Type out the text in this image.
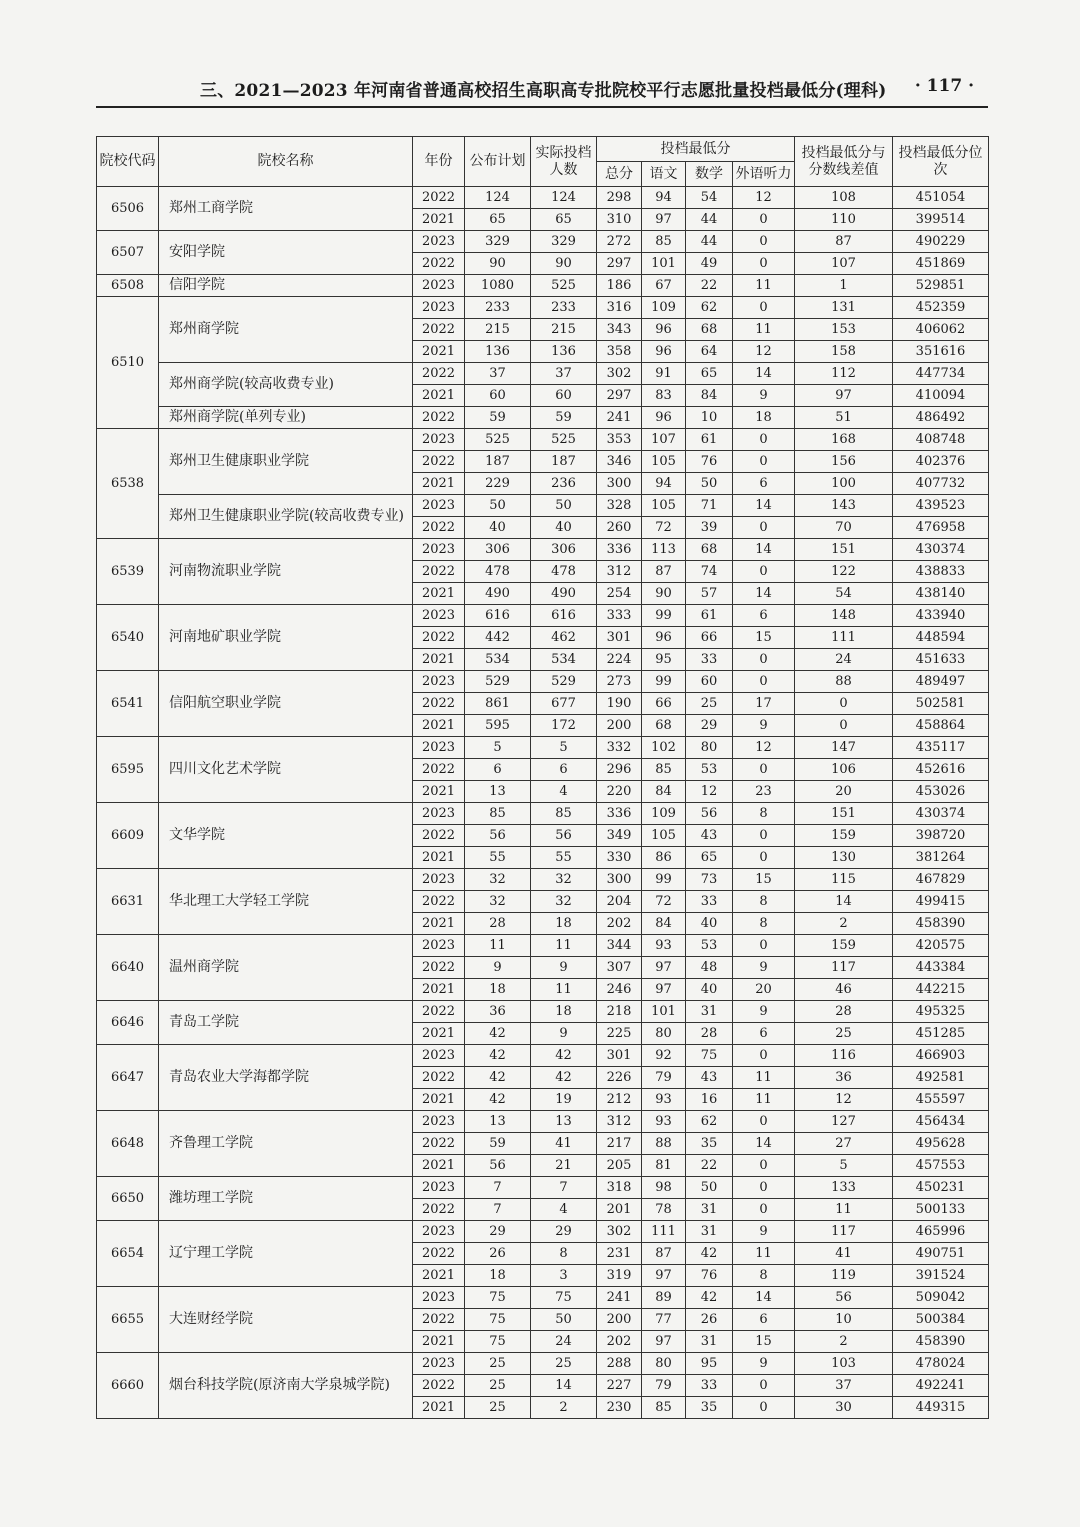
三、2021—2023 年河南省普通高校招生高职高专批院校平行志愿批量投档最低分(理科) · 117 ·
院校代码	院校名称	年份	公布计划	实际投档人数	投档最低分				投档最低分与分数线差值	投档最低分位次
					总分	语文	数学	外语听力		
6506	郑州工商学院	2022	124	124	298	94	54	12	108	451054
		2021	65	65	310	97	44	0	110	399514
6507	安阳学院	2023	329	329	272	85	44	0	87	490229
		2022	90	90	297	101	49	0	107	451869
6508	信阳学院	2023	1080	525	186	67	22	11	1	529851
6510	郑州商学院	2023	233	233	316	109	62	0	131	452359
		2022	215	215	343	96	68	11	153	406062
		2021	136	136	358	96	64	12	158	351616
	郑州商学院(较高收费专业)	2022	37	37	302	91	65	14	112	447734
		2021	60	60	297	83	84	9	97	410094
	郑州商学院(单列专业)	2022	59	59	241	96	10	18	51	486492
6538	郑州卫生健康职业学院	2023	525	525	353	107	61	0	168	408748
		2022	187	187	346	105	76	0	156	402376
		2021	229	236	300	94	50	6	100	407732
	郑州卫生健康职业学院(较高收费专业)	2023	50	50	328	105	71	14	143	439523
		2022	40	40	260	72	39	0	70	476958
6539	河南物流职业学院	2023	306	306	336	113	68	14	151	430374
		2022	478	478	312	87	74	0	122	438833
		2021	490	490	254	90	57	14	54	438140
6540	河南地矿职业学院	2023	616	616	333	99	61	6	148	433940
		2022	442	462	301	96	66	15	111	448594
		2021	534	534	224	95	33	0	24	451633
6541	信阳航空职业学院	2023	529	529	273	99	60	0	88	489497
		2022	861	677	190	66	25	17	0	502581
		2021	595	172	200	68	29	9	0	458864
6595	四川文化艺术学院	2023	5	5	332	102	80	12	147	435117
		2022	6	6	296	85	53	0	106	452616
		2021	13	4	220	84	12	23	20	453026
6609	文华学院	2023	85	85	336	109	56	8	151	430374
		2022	56	56	349	105	43	0	159	398720
		2021	55	55	330	86	65	0	130	381264
6631	华北理工大学轻工学院	2023	32	32	300	99	73	15	115	467829
		2022	32	32	204	72	33	8	14	499415
		2021	28	18	202	84	40	8	2	458390
6640	温州商学院	2023	11	11	344	93	53	0	159	420575
		2022	9	9	307	97	48	9	117	443384
		2021	18	11	246	97	40	20	46	442215
6646	青岛工学院	2022	36	18	218	101	31	9	28	495325
		2021	42	9	225	80	28	6	25	451285
6647	青岛农业大学海都学院	2023	42	42	301	92	75	0	116	466903
		2022	42	42	226	79	43	11	36	492581
		2021	42	19	212	93	16	11	12	455597
6648	齐鲁理工学院	2023	13	13	312	93	62	0	127	456434
		2022	59	41	217	88	35	14	27	495628
		2021	56	21	205	81	22	0	5	457553
6650	潍坊理工学院	2023	7	7	318	98	50	0	133	450231
		2022	7	4	201	78	31	0	11	500133
6654	辽宁理工学院	2023	29	29	302	111	31	9	117	465996
		2022	26	8	231	87	42	11	41	490751
		2021	18	3	319	97	76	8	119	391524
6655	大连财经学院	2023	75	75	241	89	42	14	56	509042
		2022	75	50	200	77	26	6	10	500384
		2021	75	24	202	97	31	15	2	458390
6660	烟台科技学院(原济南大学泉城学院)	2023	25	25	288	80	95	9	103	478024
		2022	25	14	227	79	33	0	37	492241
		2021	25	2	230	85	35	0	30	449315
